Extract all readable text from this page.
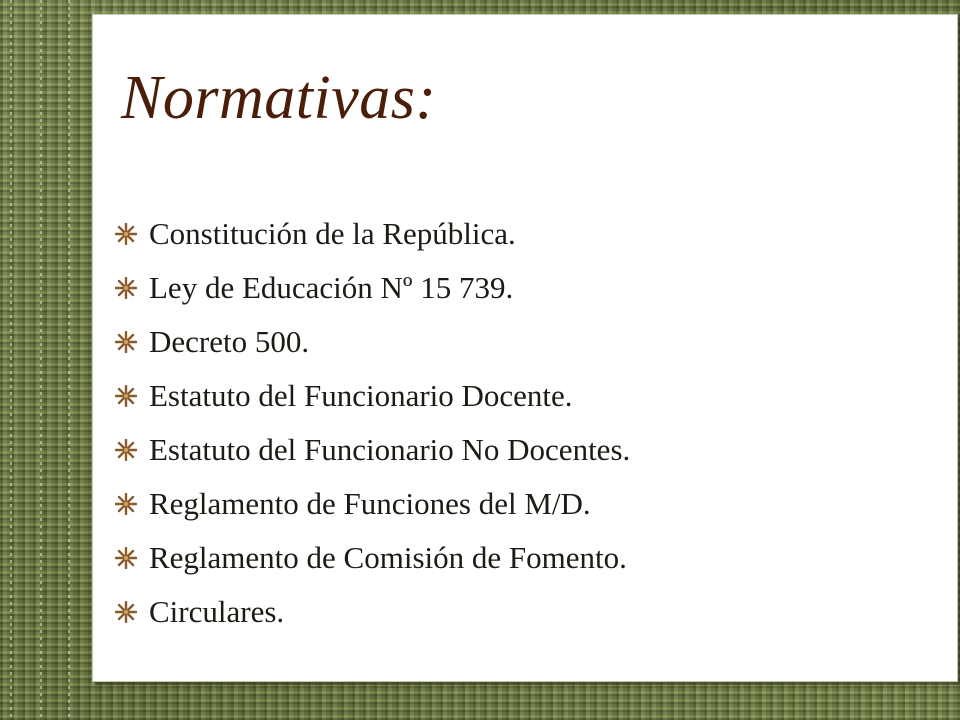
Normativas:
Constitución de la República.
Ley de Educación Nº 15 739.
Decreto 500.
Estatuto del Funcionario Docente.
Estatuto del Funcionario No Docentes.
Reglamento de Funciones del M/D.
Reglamento de Comisión de Fomento.
Circulares.
